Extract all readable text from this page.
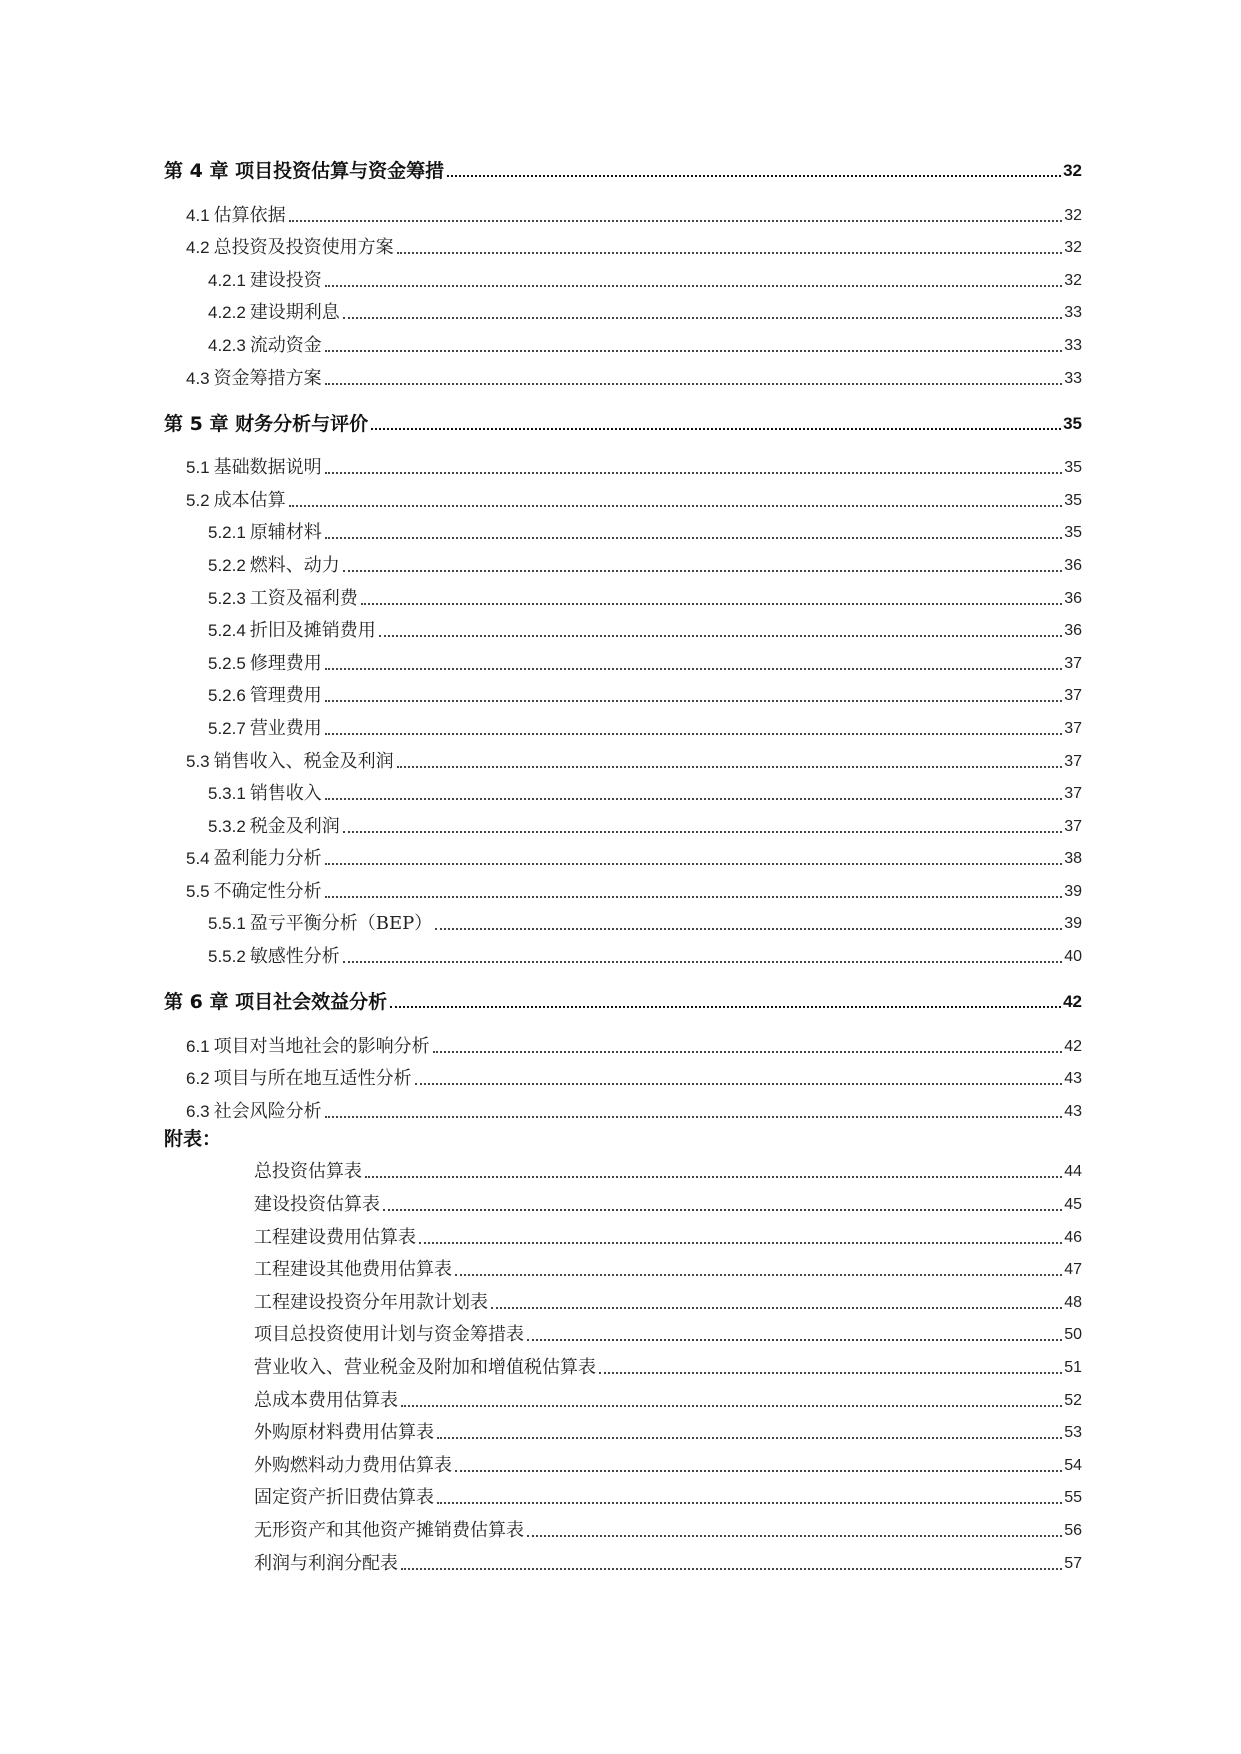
第 4 章 项目投资估算与资金筹措	32
4.1 估算依据	32
4.2 总投资及投资使用方案	32
4.2.1 建设投资	32
4.2.2 建设期利息	33
4.2.3 流动资金	33
4.3 资金筹措方案	33
第 5 章 财务分析与评价	35
5.1 基础数据说明	35
5.2 成本估算	35
5.2.1 原辅材料	35
5.2.2 燃料、动力	36
5.2.3 工资及福利费	36
5.2.4 折旧及摊销费用	36
5.2.5 修理费用	37
5.2.6 管理费用	37
5.2.7 营业费用	37
5.3 销售收入、税金及利润	37
5.3.1 销售收入	37
5.3.2 税金及利润	37
5.4 盈利能力分析	38
5.5 不确定性分析	39
5.5.1 盈亏平衡分析（BEP）	39
5.5.2 敏感性分析	40
第 6 章 项目社会效益分析	42
6.1 项目对当地社会的影响分析	42
6.2 项目与所在地互适性分析	43
6.3 社会风险分析	43
附表：
总投资估算表	44
建设投资估算表	45
工程建设费用估算表	46
工程建设其他费用估算表	47
工程建设投资分年用款计划表	48
项目总投资使用计划与资金筹措表	50
营业收入、营业税金及附加和增值税估算表	51
总成本费用估算表	52
外购原材料费用估算表	53
外购燃料动力费用估算表	54
固定资产折旧费估算表	55
无形资产和其他资产摊销费估算表	56
利润与利润分配表	57
